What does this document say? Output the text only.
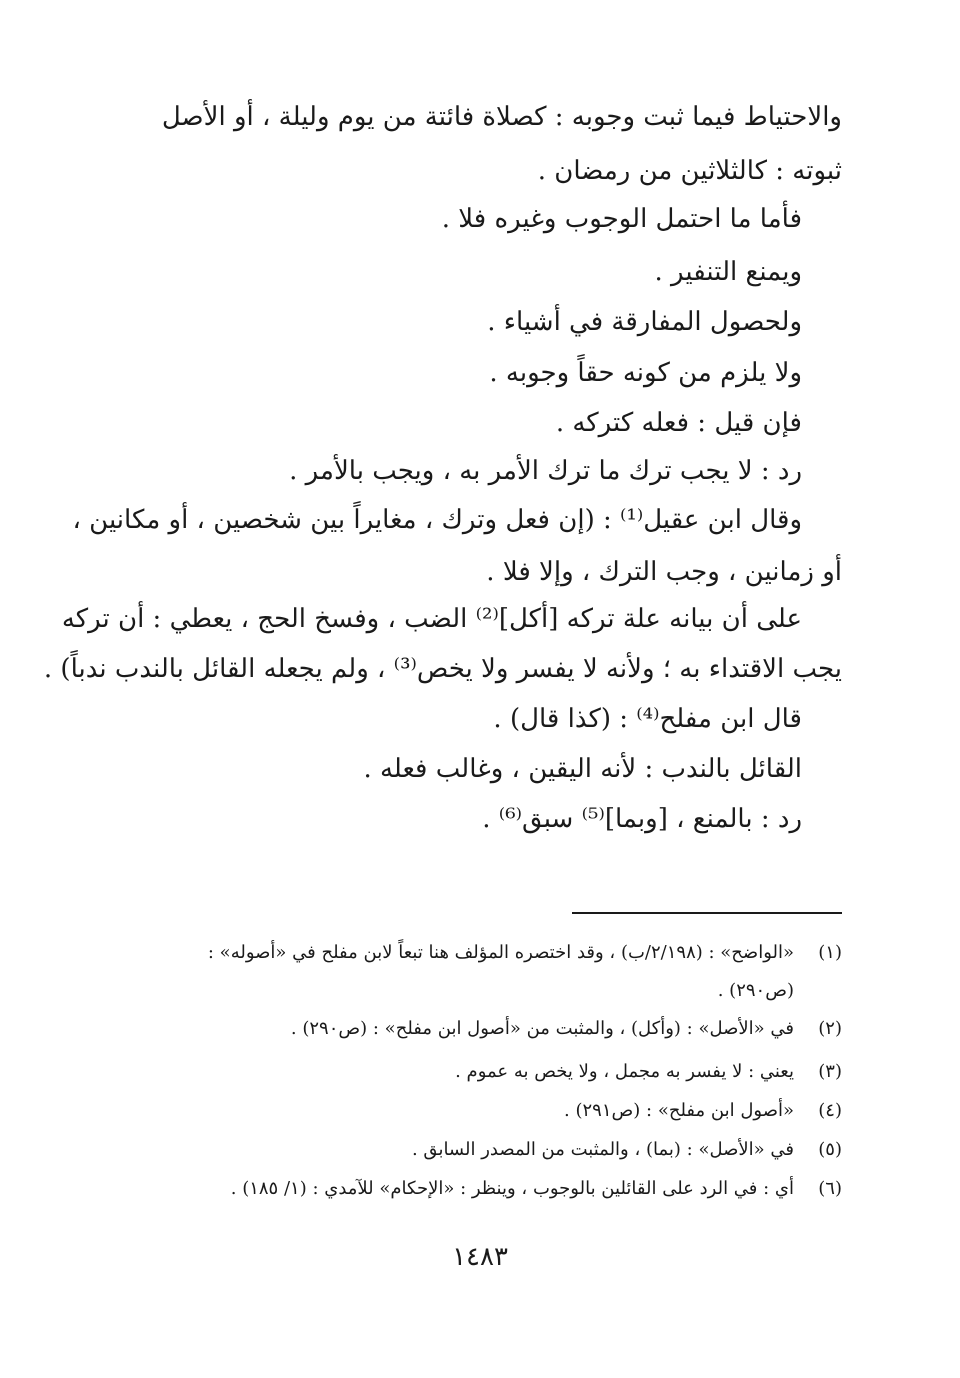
والاحتياط فيما ثبت وجوبه : كصلاة فائتة من يوم وليلة ، أو الأصل
ثبوته : كالثلاثين من رمضان .
فأما ما احتمل الوجوب وغيره فلا .
ويمنع التنفير .
ولحصول المفارقة في أشياء .
ولا يلزم من كونه حقاً وجوبه .
فإن قيل : فعله كتركه .
رد : لا يجب ترك ما ترك الأمر به ، ويجب بالأمر .
وقال ابن عقيل⁽¹⁾ : (إن فعل وترك ، مغايراً بين شخصين ، أو مكانين ،
أو زمانين ، وجب الترك ، وإلا فلا .
على أن بيانه علة تركه [أكل]⁽²⁾ الضب ، وفسخ الحج ، يعطي : أن تركه
يجب الاقتداء به ؛ ولأنه لا يفسر ولا يخص⁽³⁾ ، ولم يجعله القائل بالندب ندباً) .
قال ابن مفلح⁽⁴⁾ : (كذا قال) .
القائل بالندب : لأنه اليقين ، وغالب فعله .
رد : بالمنع ، [وبما]⁽⁵⁾ سبق⁽⁶⁾ .
(١)
«الواضح» : (٢/١٩٨/ب) ، وقد اختصره المؤلف هنا تبعاً لابن مفلح في «أصوله» :
(ص٢٩٠) .
(٢)
في «الأصل» : (وأكل) ، والمثبت من «أصول ابن مفلح» : (ص٢٩٠) .
(٣)
يعني : لا يفسر به مجمل ، ولا يخص به عموم .
(٤)
«أصول ابن مفلح» : (ص٢٩١) .
(٥)
في «الأصل» : (بما) ، والمثبت من المصدر السابق .
(٦)
أي : في الرد على القائلين بالوجوب ، وينظر : «الإحكام» للآمدي : (١/ ١٨٥) .
١٤٨٣
